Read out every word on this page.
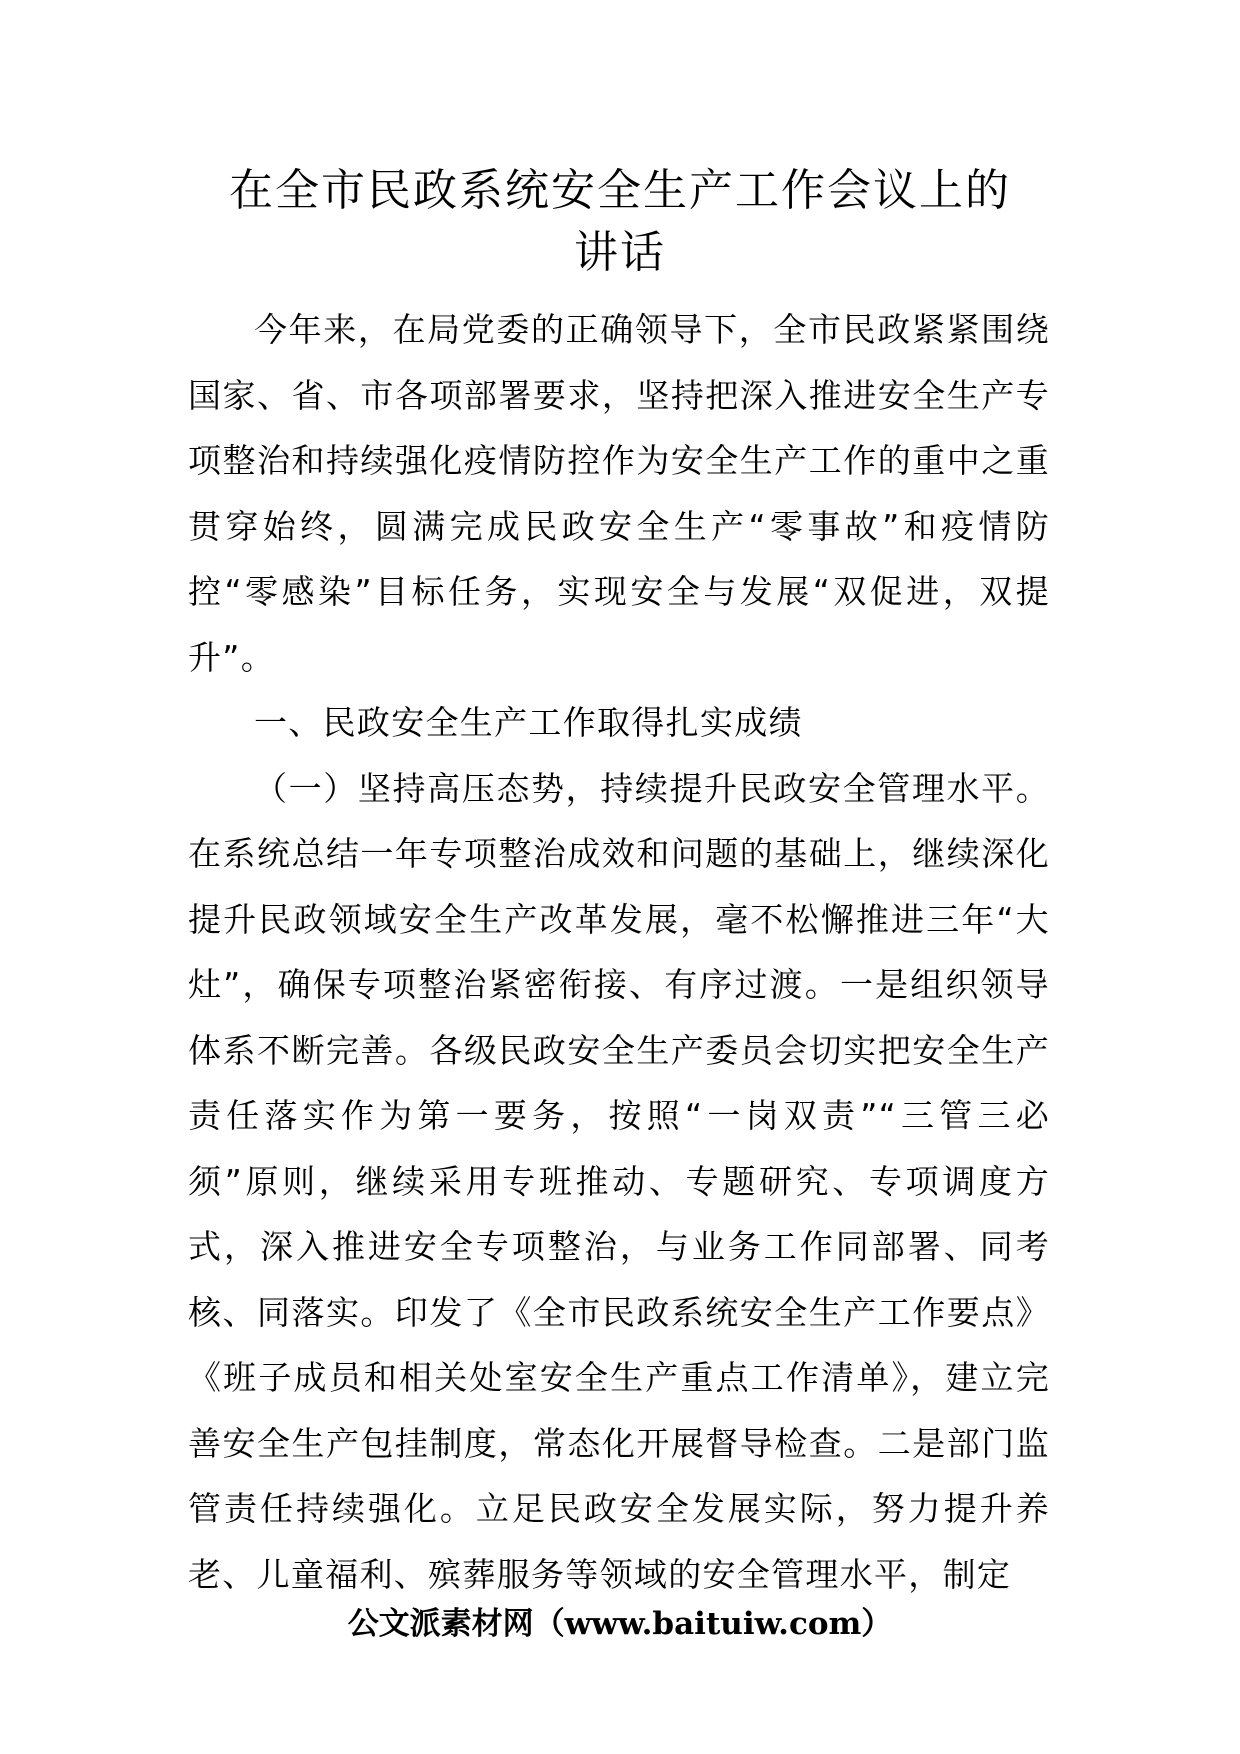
在全市民政系统安全生产工作会议上的
讲话

今年来，在局党委的正确领导下，全市民政紧紧围绕国家、省、市各项部署要求，坚持把深入推进安全生产专项整治和持续强化疫情防控作为安全生产工作的重中之重贯穿始终，圆满完成民政安全生产“零事故”和疫情防控“零感染”目标任务，实现安全与发展“双促进，双提升”。

一、民政安全生产工作取得扎实成绩

（一）坚持高压态势，持续提升民政安全管理水平。在系统总结一年专项整治成效和问题的基础上，继续深化提升民政领域安全生产改革发展，毫不松懈推进三年“大灶”，确保专项整治紧密衔接、有序过渡。一是组织领导体系不断完善。各级民政安全生产委员会切实把安全生产责任落实作为第一要务，按照“一岗双责”“三管三必须”原则，继续采用专班推动、专题研究、专项调度方式，深入推进安全专项整治，与业务工作同部署、同考核、同落实。印发了《全市民政系统安全生产工作要点》《班子成员和相关处室安全生产重点工作清单》，建立完善安全生产包挂制度，常态化开展督导检查。二是部门监管责任持续强化。立足民政安全发展实际，努力提升养老、儿童福利、殡葬服务等领域的安全管理水平，制定

公文派素材网（www.baituiw.com）
